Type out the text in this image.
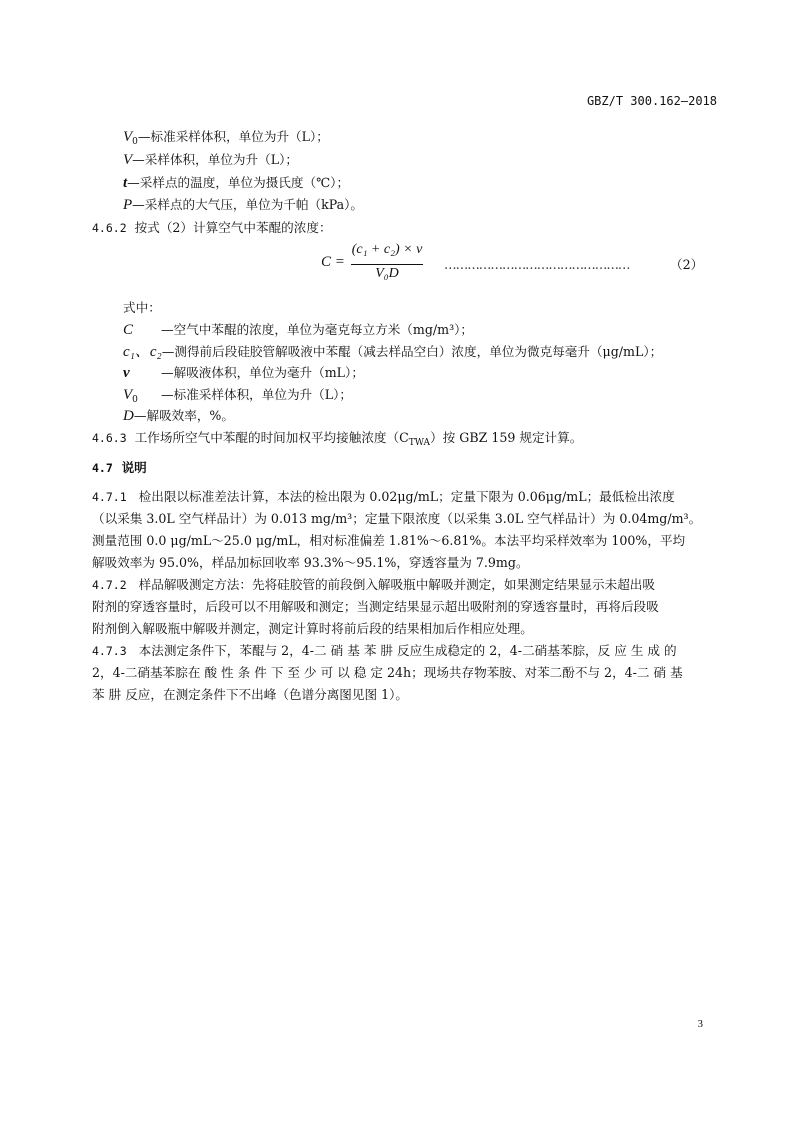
GBZ/T 300.162—2018
$V_0—$标准采样体积，单位为升（L）；
V—采样体积，单位为升（L）；
t—采样点的温度，单位为摄氏度（℃）；
P—采样点的大气压，单位为千帕（kPa）。
4.6.2 按式（2）计算空气中苯醌的浓度：
C =
(c₁ + c₂) × v
V₀D
…………………………………………	（2）
式中：
C —空气中苯醌的浓度，单位为毫克每立方米（mg/m³）；
c₁、c₂—测得前后段硅胶管解吸液中苯醌（减去样品空白）浓度，单位为微克每毫升（μg/mL）；
v —解吸液体积，单位为毫升（mL）；
$V_0$ —标准采样体积，单位为升（L）；
D—解吸效率，%。
4.6.3 工作场所空气中苯醌的时间加权平均接触浓度$(C_{TWA})$按 GBZ 159 规定计算。
4.7 说明
4.7.1 检出限以标准差法计算，本法的检出限为 0.02μg/mL；定量下限为 0.06μg/mL；最低检出浓度
（以采集 3.0L 空气样品计）为 0.013 mg/m³；定量下限浓度（以采集 3.0L 空气样品计）为 0.04mg/m³。
测量范围 0.0 μg/mL～25.0 μg/mL，相对标准偏差 1.81%～6.81%。本法平均采样效率为 100%，平均
解吸效率为 95.0%，样品加标回收率 93.3%～95.1%，穿透容量为 7.9mg。
4.7.2 样品解吸测定方法：先将硅胶管的前段倒入解吸瓶中解吸并测定，如果测定结果显示未超出吸
附剂的穿透容量时，后段可以不用解吸和测定；当测定结果显示超出吸附剂的穿透容量时，再将后段吸
附剂倒入解吸瓶中解吸并测定，测定计算时将前后段的结果相加后作相应处理。
4.7.3 本法测定条件下，苯醌与 2，4-二 硝 基 苯 肼 反应生成稳定的 2，4-二硝基苯腙，反 应 生 成 的
2，4-二硝基苯腙在 酸 性 条 件 下 至 少 可 以 稳 定 24h；现场共存物苯胺、对苯二酚不与 2，4-二 硝 基
苯 肼 反应，在测定条件下不出峰（色谱分离图见图 1）。
3
